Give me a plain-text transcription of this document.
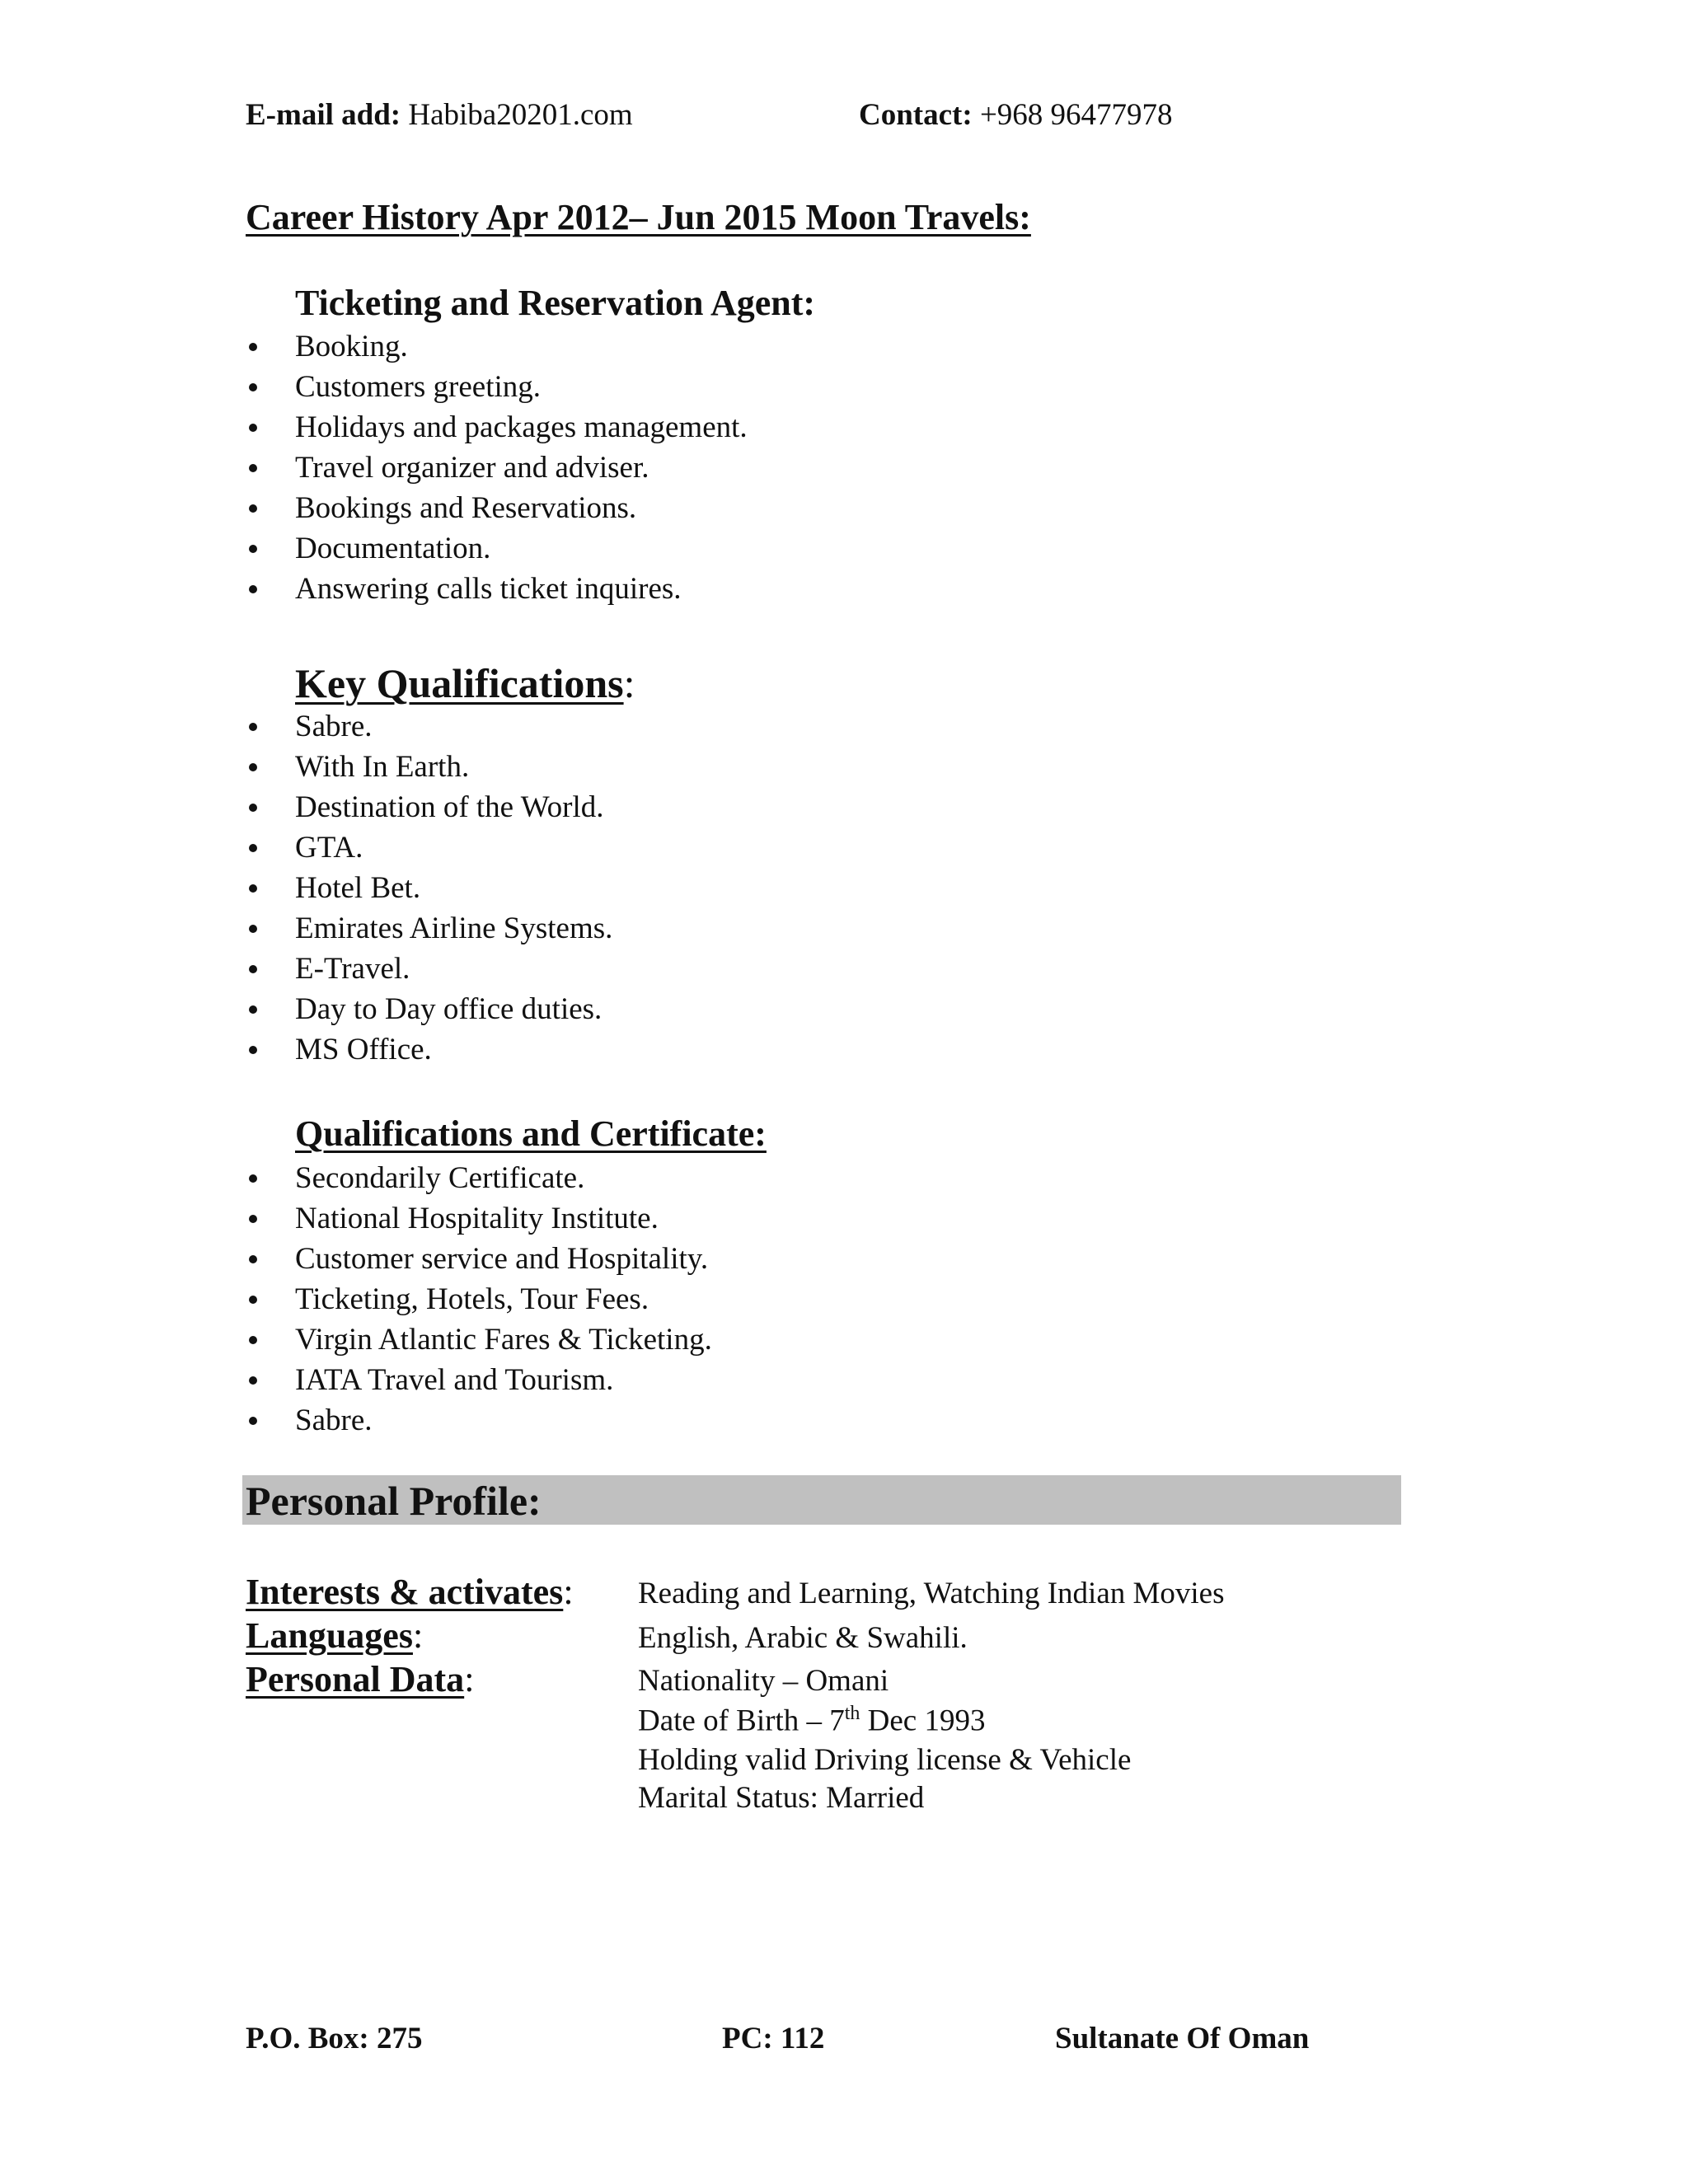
E-mail add: Habiba20201.com	Contact: +968 96477978
Career History Apr 2012– Jun 2015 Moon Travels:
Ticketing and Reservation Agent:
Booking.
Customers greeting.
Holidays and packages management.
Travel organizer and adviser.
Bookings and Reservations.
Documentation.
Answering calls ticket inquires.
Key Qualifications:
Sabre.
With In Earth.
Destination of the World.
GTA.
Hotel Bet.
Emirates Airline Systems.
E-Travel.
Day to Day office duties.
MS Office.
Qualifications and Certificate:
Secondarily Certificate.
National Hospitality Institute.
Customer service and Hospitality.
Ticketing, Hotels, Tour Fees.
Virgin Atlantic Fares & Ticketing.
IATA Travel and Tourism.
Sabre.
Personal Profile:
Interests & activates: Reading and Learning, Watching Indian Movies
Languages:	English, Arabic & Swahili.
Personal Data:	Nationality – Omani
Date of Birth – 7th Dec 1993
Holding valid Driving license & Vehicle
Marital Status: Married
P.O. Box: 275	PC: 112	Sultanate Of Oman
